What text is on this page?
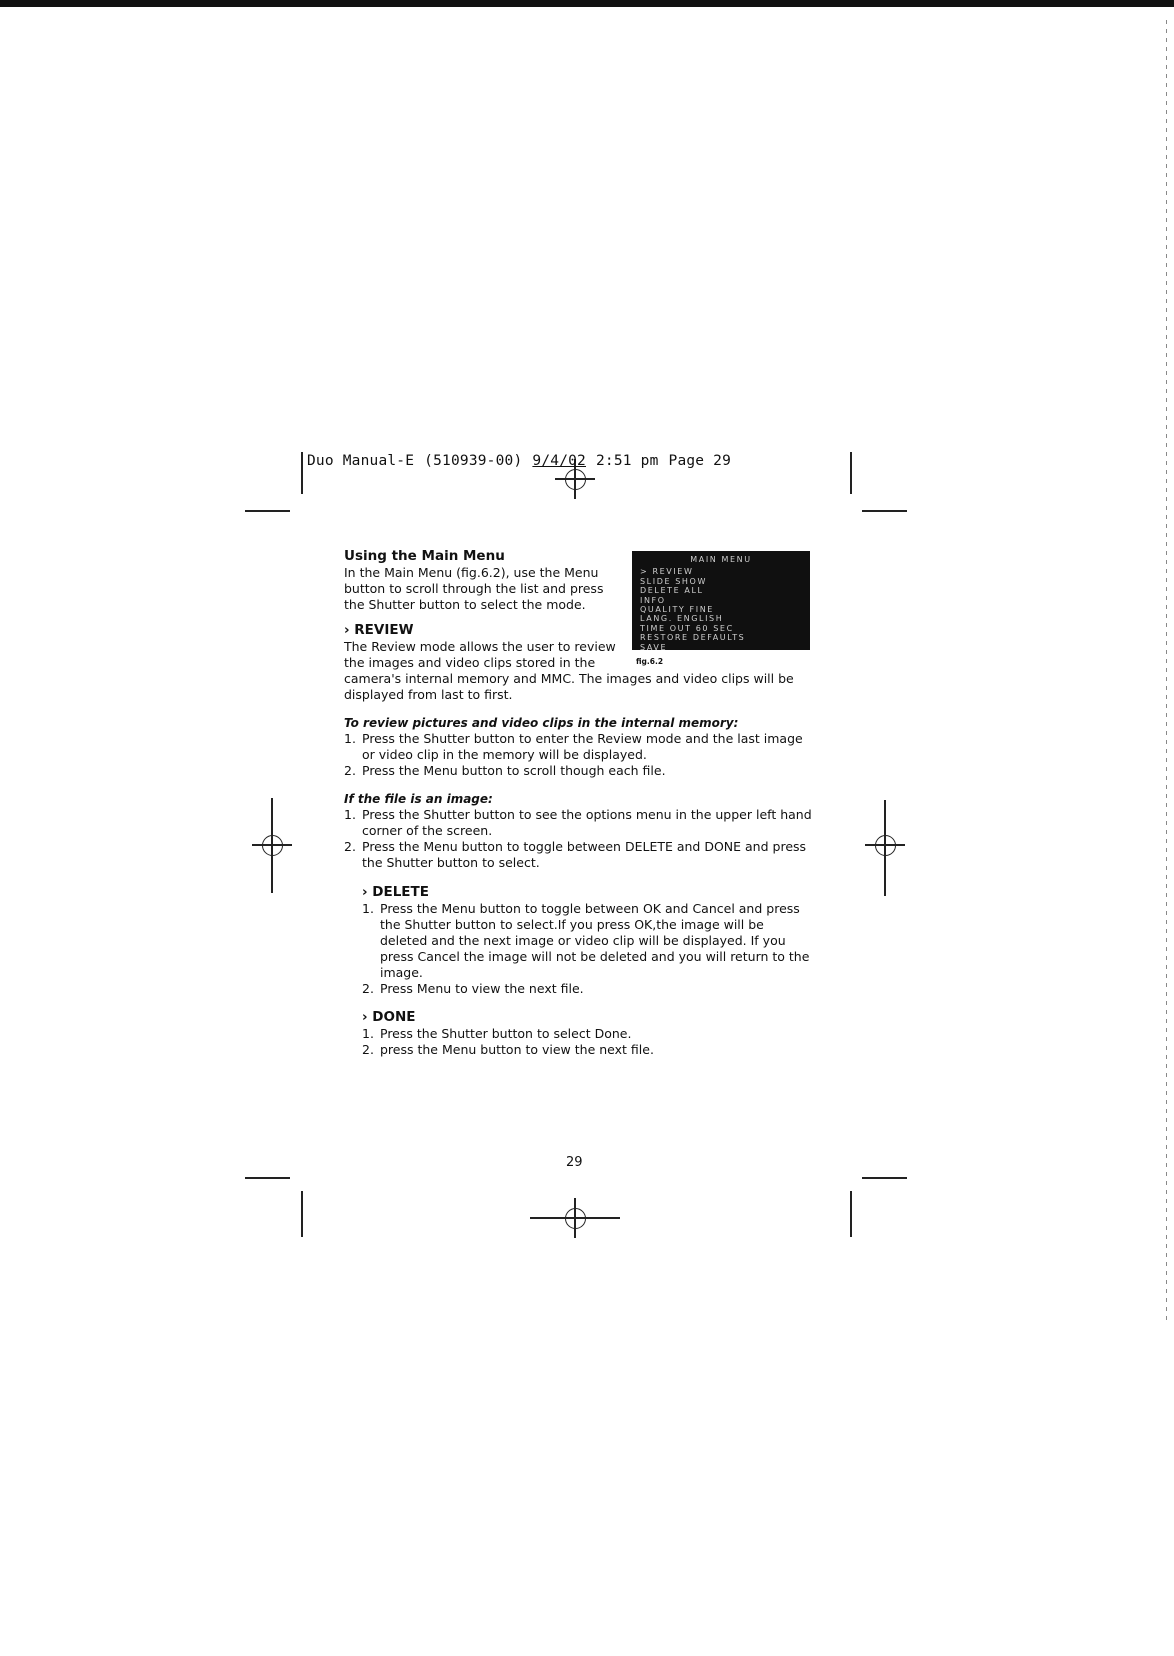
Duo Manual-E (510939-00) 9/4/02 2:51 pm Page 29
MAIN MENU
> REVIEW
SLIDE SHOW
DELETE ALL
INFO
QUALITY FINE
LANG. ENGLISH
TIME OUT 60 SEC
RESTORE DEFAULTS
SAVE
fig.6.2
Using the Main Menu

In the Main Menu (fig.6.2), use the Menu

button to scroll through the list and press

the Shutter button to select the mode.

› REVIEW

The Review mode allows the user to review

the images and video clips stored in the

camera's internal memory and MMC. The images and video clips will be displayed from last to first.

To review pictures and video clips in the internal memory:

1. Press the Shutter button to enter the Review mode and the last image or video clip in the memory will be displayed.
2. Press the Menu button to scroll though each file.

If the file is an image:

1. Press the Shutter button to see the options menu in the upper left hand corner of the screen.
2. Press the Menu button to toggle between DELETE and DONE and press the Shutter button to select.
› DELETE
1. Press the Menu button to toggle between OK and Cancel and press the Shutter button to select.If you press OK,the image will be deleted and the next image or video clip will be displayed. If you press Cancel the image will not be deleted and you will return to the image.
2. Press Menu to view the next file.
› DONE
1. Press the Shutter button to select Done.
2. press the Menu button to view the next file.
29
